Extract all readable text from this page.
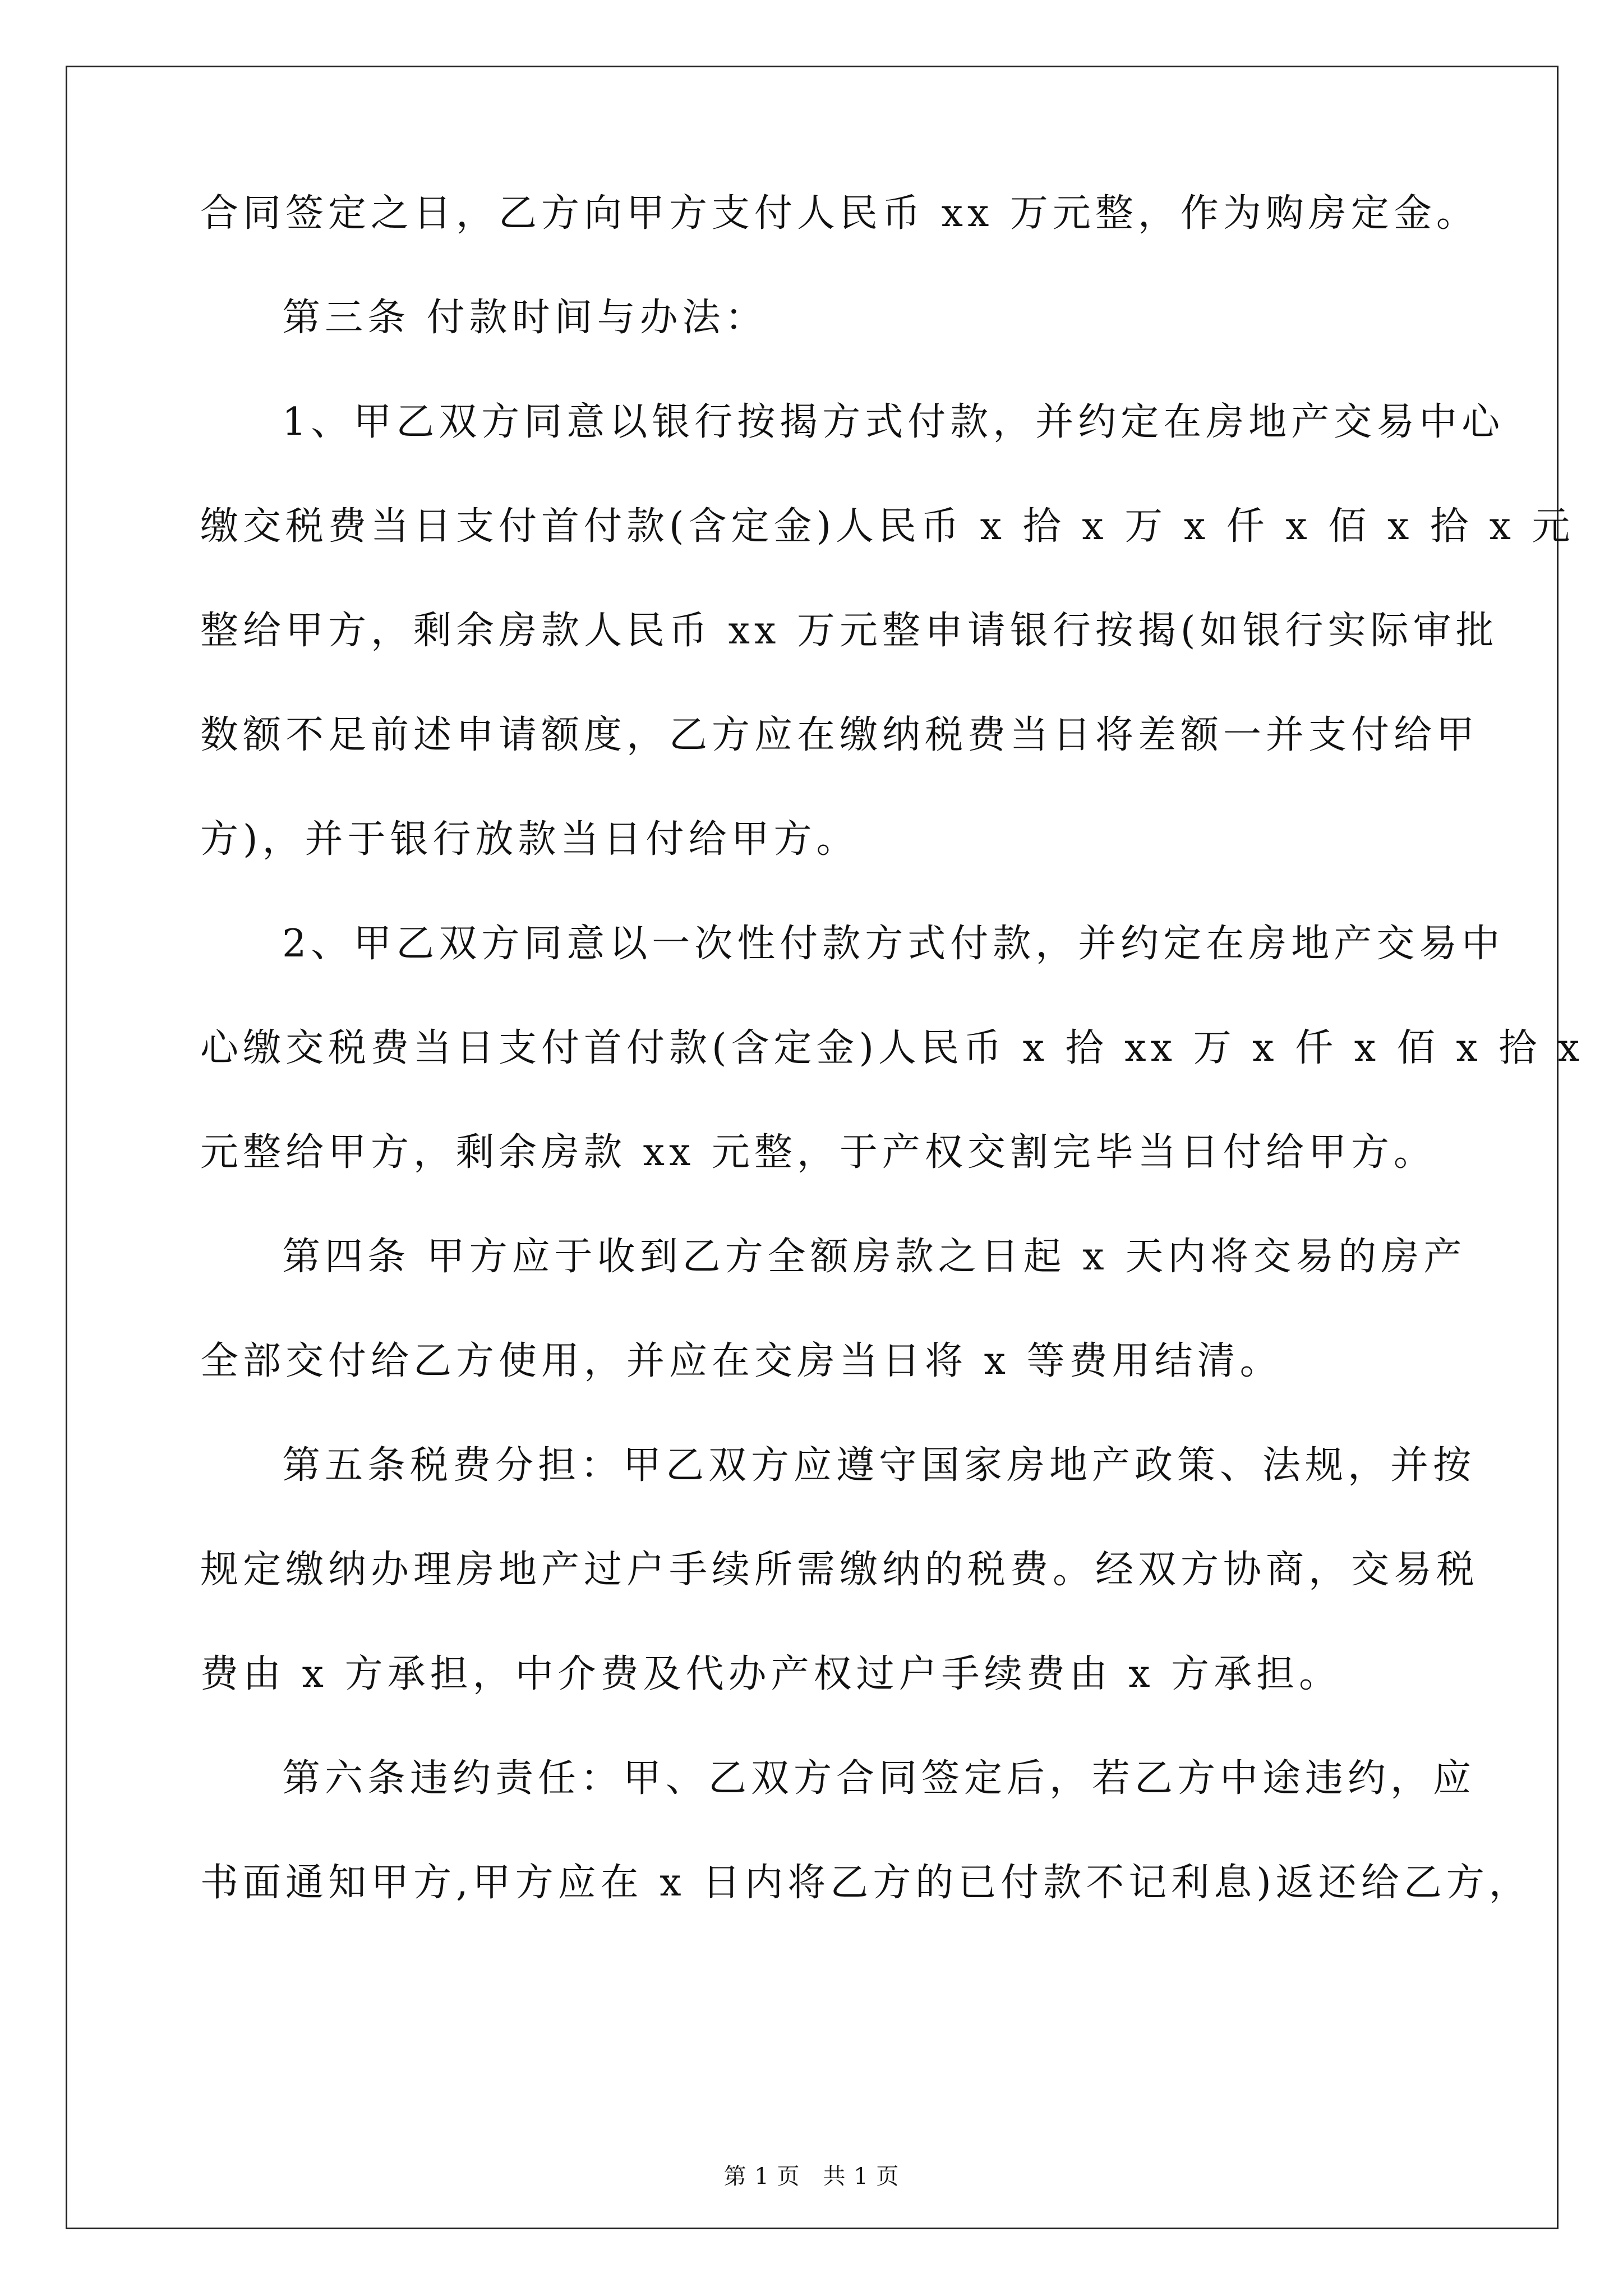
合同签定之日，乙方向甲方支付人民币 xx 万元整，作为购房定金。
第三条 付款时间与办法：
1、甲乙双方同意以银行按揭方式付款，并约定在房地产交易中心
缴交税费当日支付首付款(含定金)人民币 x 拾 x 万 x 仟 x 佰 x 拾 x 元
整给甲方，剩余房款人民币 xx 万元整申请银行按揭(如银行实际审批
数额不足前述申请额度，乙方应在缴纳税费当日将差额一并支付给甲
方)，并于银行放款当日付给甲方。
2、甲乙双方同意以一次性付款方式付款，并约定在房地产交易中
心缴交税费当日支付首付款(含定金)人民币 x 拾 xx 万 x 仟 x 佰 x 拾 x
元整给甲方，剩余房款 xx 元整，于产权交割完毕当日付给甲方。
第四条 甲方应于收到乙方全额房款之日起 x 天内将交易的房产
全部交付给乙方使用，并应在交房当日将 x 等费用结清。
第五条税费分担：甲乙双方应遵守国家房地产政策、法规，并按
规定缴纳办理房地产过户手续所需缴纳的税费。经双方协商，交易税
费由 x 方承担，中介费及代办产权过户手续费由 x 方承担。
第六条违约责任：甲、乙双方合同签定后，若乙方中途违约，应
书面通知甲方,甲方应在 x 日内将乙方的已付款不记利息)返还给乙方，
第 1 页　共 1 页
